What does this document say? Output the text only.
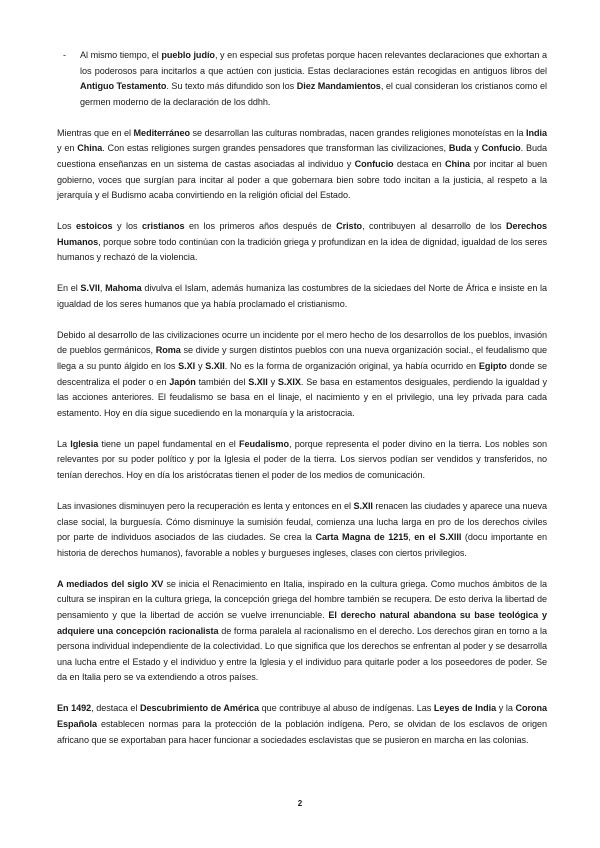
- Al mismo tiempo, el pueblo judío, y en especial sus profetas porque hacen relevantes declaraciones que exhortan a los poderosos para incitarlos a que actúen con justicia. Estas declaraciones están recogidas en antiguos libros del Antiguo Testamento. Su texto más difundido son los Diez Mandamientos, el cual consideran los cristianos como el germen moderno de la declaración de los ddhh.

Mientras que en el Mediterráneo se desarrollan las culturas nombradas, nacen grandes religiones monoteístas en la India y en China. Con estas religiones surgen grandes pensadores que transforman las civilizaciones, Buda y Confucio. Buda cuestiona enseñanzas en un sistema de castas asociadas al individuo y Confucio destaca en China por incitar al buen gobierno, voces que surgían para incitar al poder a que gobernara bien sobre todo incitan a la justicia, al respeto a la jerarquía y el Budismo acaba convirtiendo en la religión oficial del Estado.

Los estoicos y los cristianos en los primeros años después de Cristo, contribuyen al desarrollo de los Derechos Humanos, porque sobre todo continúan con la tradición griega y profundizan en la idea de dignidad, igualdad de los seres humanos y rechazó de la violencia.

En el S.VII, Mahoma divulva el Islam, además humaniza las costumbres de la siciedaes del Norte de África e insiste en la igualdad de los seres humanos que ya había proclamado el cristianismo.

Debido al desarrollo de las civilizaciones ocurre un incidente por el mero hecho de los desarrollos de los pueblos, invasión de pueblos germánicos, Roma se divide y surgen distintos pueblos con una nueva organización social., el feudalismo que llega a su punto álgido en los S.XI y S.XII. No es la forma de organización original, ya había ocurrido en Egipto donde se descentraliza el poder o en Japón también del S.XII y S.XIX. Se basa en estamentos desiguales, perdiendo la igualdad y las acciones anteriores. El feudalismo se basa en el linaje, el nacimiento y en el privilegio, una ley privada para cada estamento. Hoy en día sigue sucediendo en la monarquía y la aristocracia.

La Iglesia tiene un papel fundamental en el Feudalismo, porque representa el poder divino en la tierra. Los nobles son relevantes por su poder político y por la Iglesia el poder de la tierra. Los siervos podían ser vendidos y transferidos, no tenían derechos. Hoy en día los aristócratas tienen el poder de los medios de comunicación.

Las invasiones disminuyen pero la recuperación es lenta y entonces en el S.XII renacen las ciudades y aparece una nueva clase social, la burguesía. Cómo disminuye la sumisión feudal, comienza una lucha larga en pro de los derechos civiles por parte de individuos asociados de las ciudades. Se crea la Carta Magna de 1215, en el S.XIII (docu importante en historia de derechos humanos), favorable a nobles y burgueses ingleses, clases con ciertos privilegios.

A mediados del siglo XV se inicia el Renacimiento en Italia, inspirado en la cultura griega. Como muchos ámbitos de la cultura se inspiran en la cultura griega, la concepción griega del hombre también se recupera. De esto deriva la libertad de pensamiento y que la libertad de acción se vuelve irrenunciable. El derecho natural abandona su base teológica y adquiere una concepción racionalista de forma paralela al racionalismo en el derecho. Los derechos giran en torno a la persona individual independiente de la colectividad. Lo que significa que los derechos se enfrentan al poder y se desarrolla una lucha entre el Estado y el individuo y entre la Iglesia y el individuo para quitarle poder a los poseedores de poder. Se da en Italia pero se va extendiendo a otros países.

En 1492, destaca el Descubrimiento de América que contribuye al abuso de indígenas. Las Leyes de India y la Corona Española establecen normas para la protección de la población indígena. Pero, se olvidan de los esclavos de origen africano que se exportaban para hacer funcionar a sociedades esclavistas que se pusieron en marcha en las colonias.

2
